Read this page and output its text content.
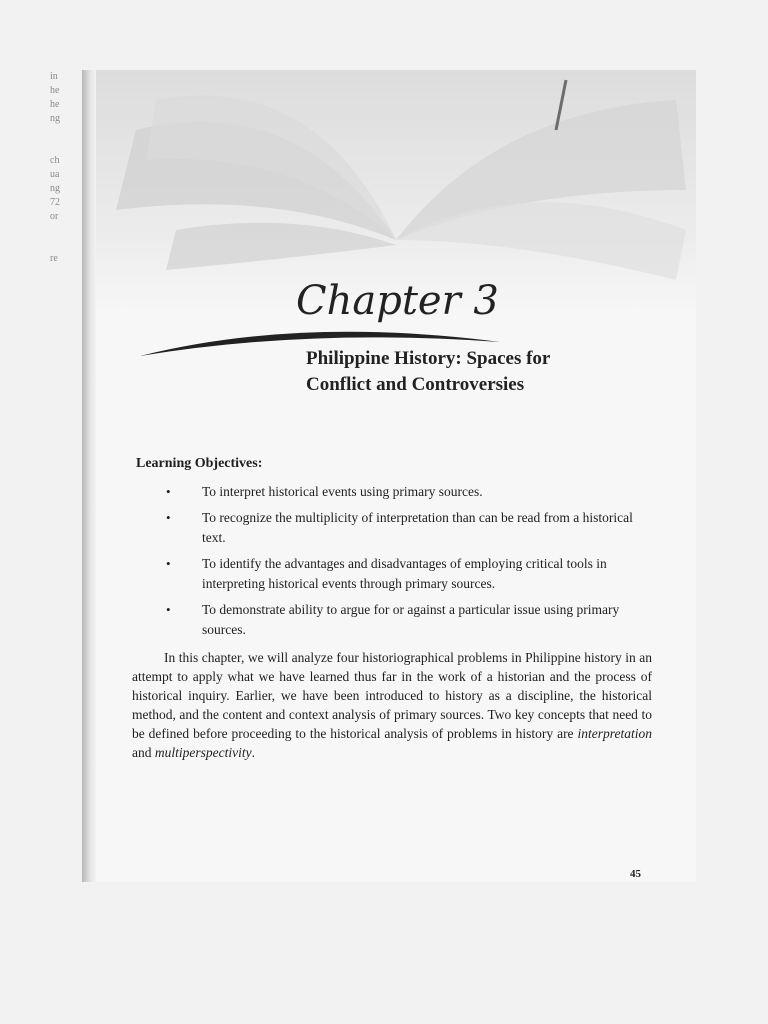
in
he
he
ng
ch
ua
ng
72
or
re
Chapter 3
Philippine History: Spaces for
Conflict and Controversies
Learning Objectives:
• To interpret historical events using primary sources.
• To recognize the multiplicity of interpretation than can be read from a historical text.
• To identify the advantages and disadvantages of employing critical tools in interpreting historical events through primary sources.
• To demonstrate ability to argue for or against a particular issue using primary sources.

In this chapter, we will analyze four historiographical problems in Philippine history in an attempt to apply what we have learned thus far in the work of a historian and the process of historical inquiry. Earlier, we have been introduced to history as a discipline, the historical method, and the content and context analysis of primary sources. Two key concepts that need to be defined before proceeding to the historical analysis of problems in history are interpretation and multiperspectivity.

45
